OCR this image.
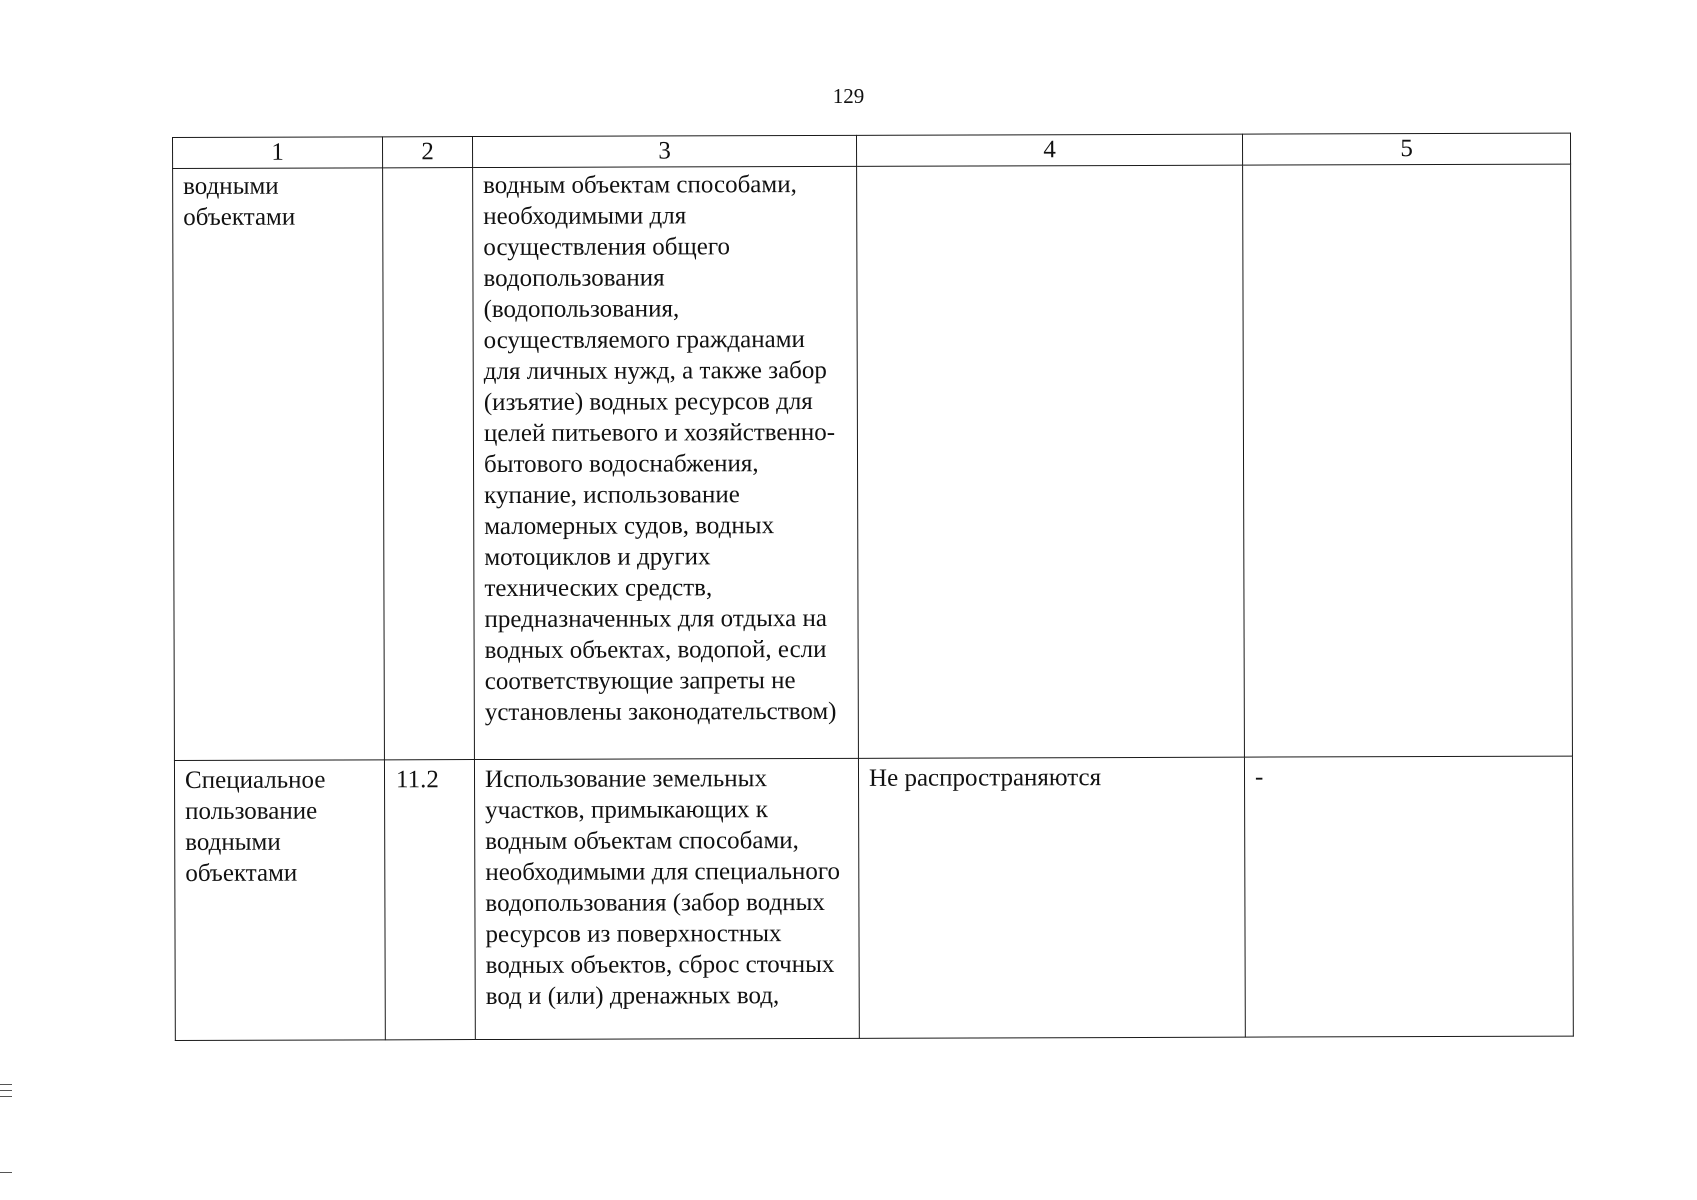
129
1	2	3	4	5
водными объектами		водным объектам способами, необходимыми для осуществления общего водопользования (водопользования, осуществляемого гражданами для личных нужд, а также забор (изъятие) водных ресурсов для целей питьевого и хозяйственно-бытового водоснабжения, купание, использование маломерных судов, водных мотоциклов и других технических средств, предназначенных для отдыха на водных объектах, водопой, если соответствующие запреты не установлены законодательством)		
Специальное пользование водными объектами	11.2	Использование земельных участков, примыкающих к водным объектам способами, необходимыми для специального водопользования (забор водных ресурсов из поверхностных водных объектов, сброс сточных вод и (или) дренажных вод,	Не распространяются	-
